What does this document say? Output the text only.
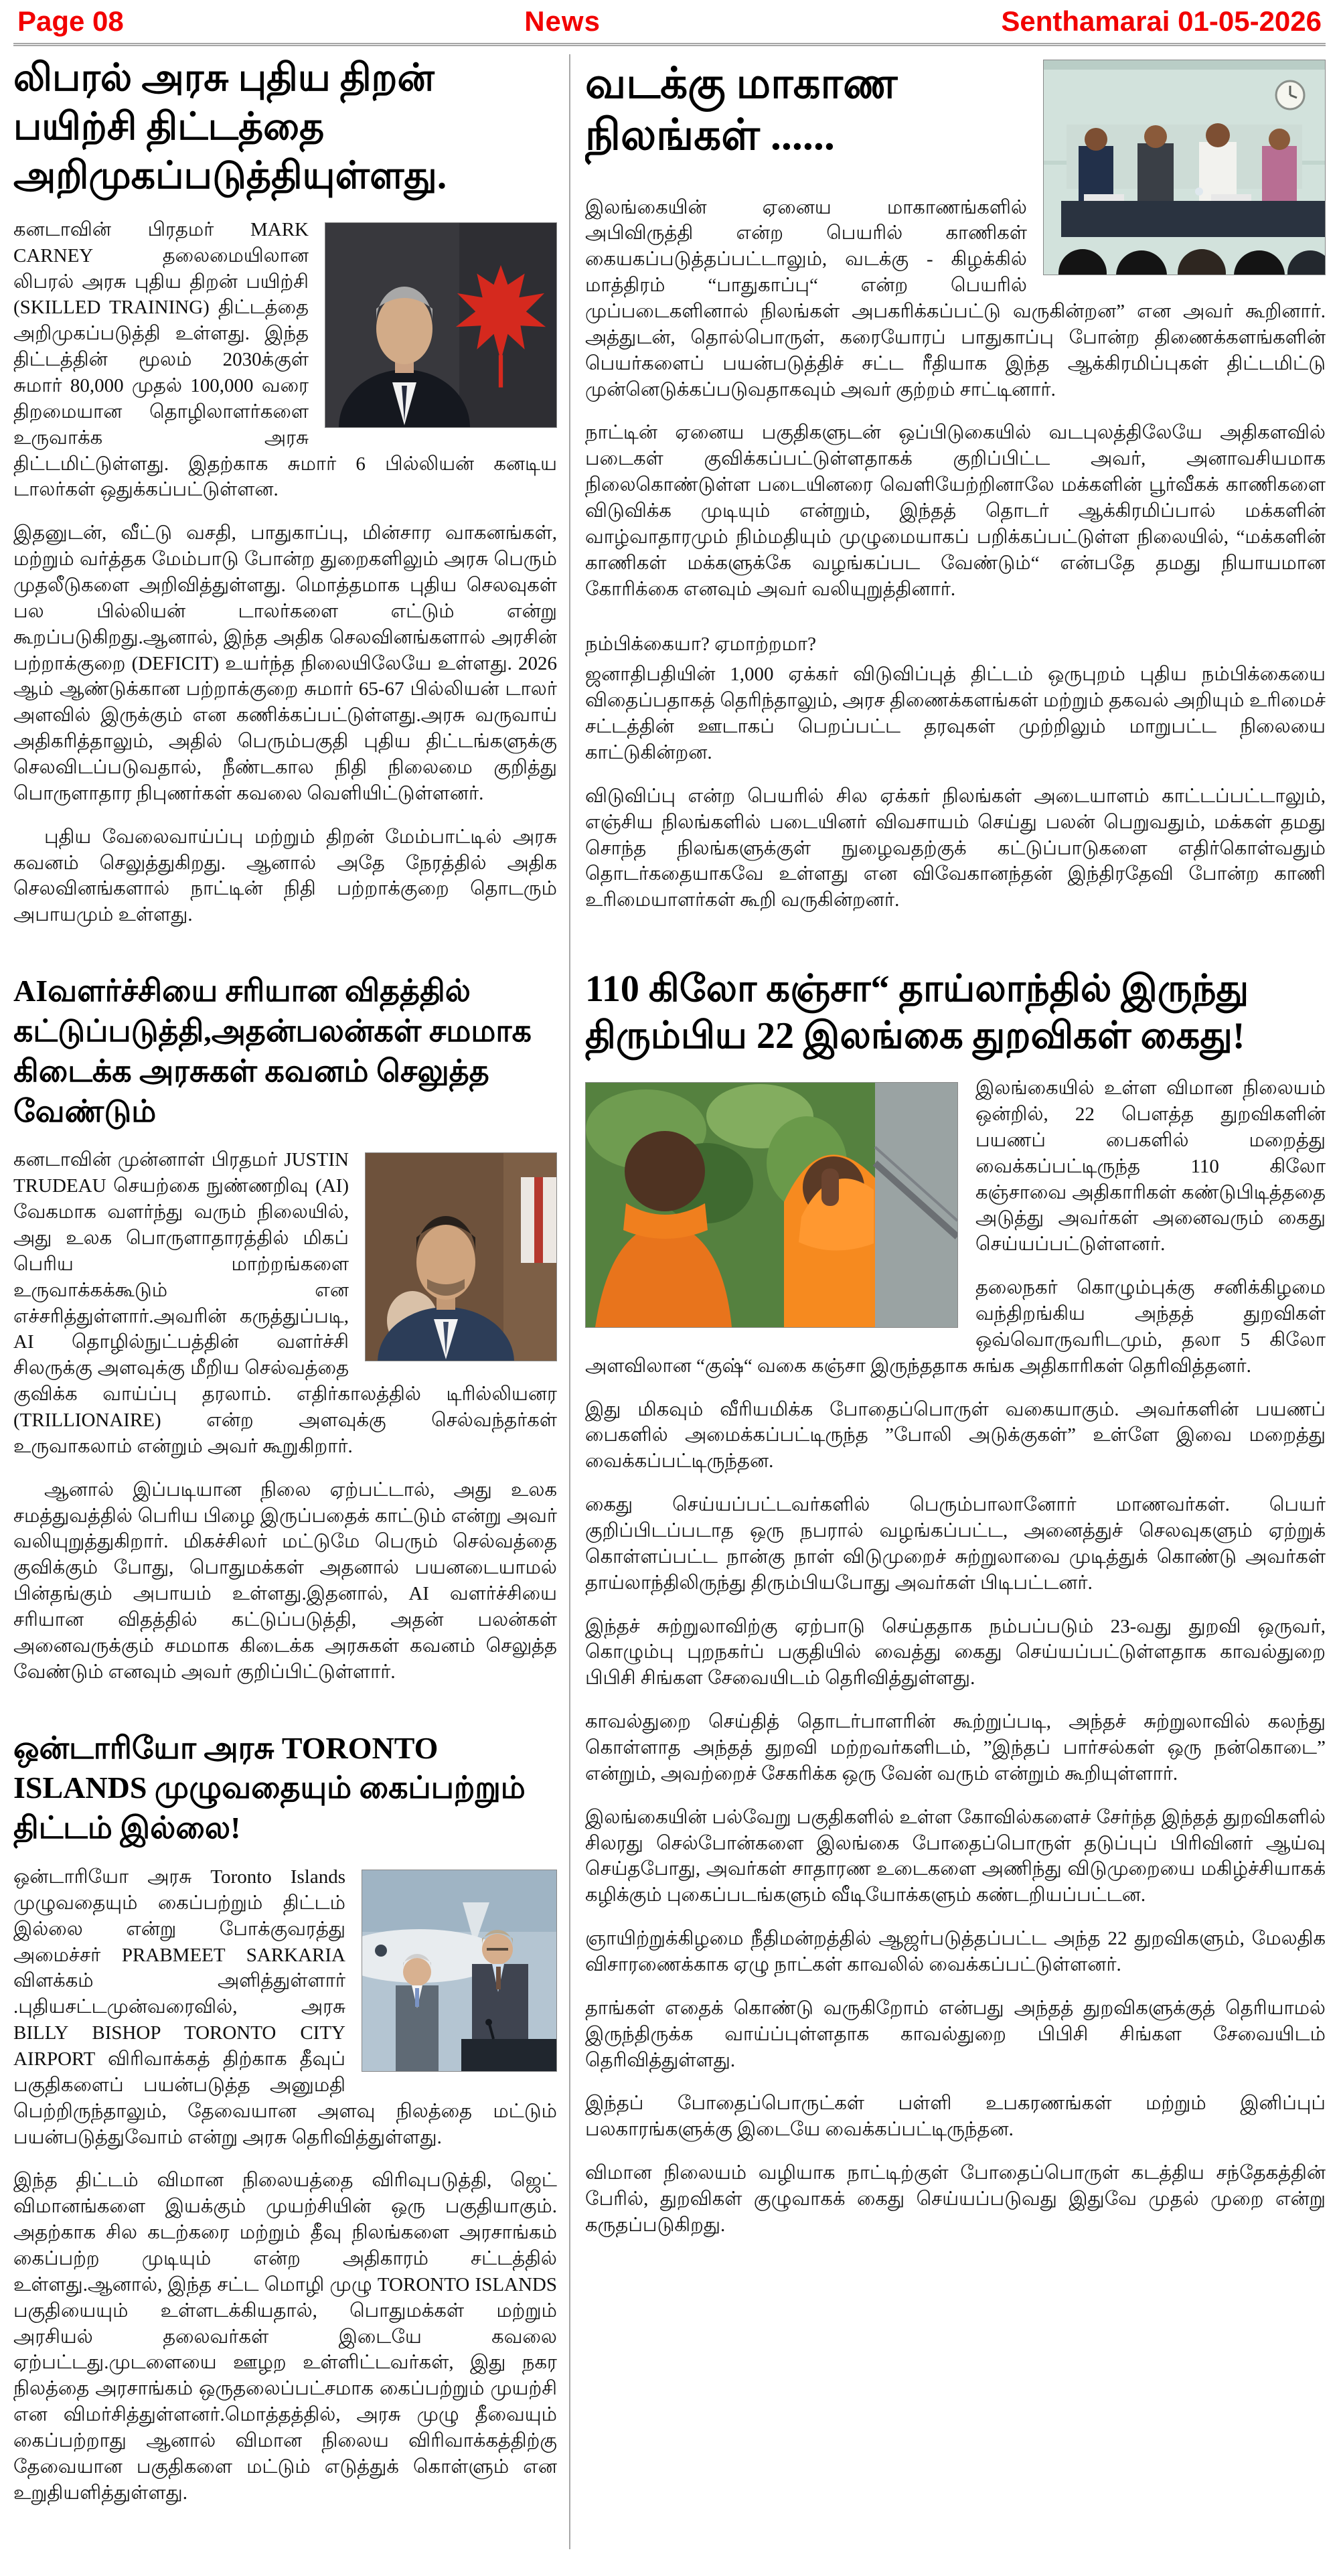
Page 08	News	Senthamarai 01-05-2026
லிபரல் அரசு புதிய திறன் பயிற்சி திட்டத்தை அறிமுகப்படுத்தியுள்ளது.

கனடாவின் பிரதமர் MARK CARNEY தலைமையிலான லிபரல் அரசு புதிய திறன் பயிற்சி (SKILLED TRAINING) திட்டத்தை அறிமுகப்படுத்தி உள்ளது. இந்த திட்டத்தின் மூலம் 2030க்குள் சுமார் 80,000 முதல் 100,000 வரை திறமையான தொழிலாளர்களை உருவாக்க அரசு திட்டமிட்டுள்ளது. இதற்காக சுமார் 6 பில்லியன் கனடிய டாலர்கள் ஒதுக்கப்பட்டுள்ளன.

இதனுடன், வீட்டு வசதி, பாதுகாப்பு, மின்சார வாகனங்கள், மற்றும் வர்த்தக மேம்பாடு போன்ற துறைகளிலும் அரசு பெரும் முதலீடுகளை அறிவித்துள்ளது. மொத்தமாக புதிய செலவுகள் பல பில்லியன் டாலர்களை எட்டும் என்று கூறப்படுகிறது.ஆனால், இந்த அதிக செலவினங்களால் அரசின் பற்றாக்குறை (DEFICIT) உயர்ந்த நிலையிலேயே உள்ளது. 2026 ஆம் ஆண்டுக்கான பற்றாக்குறை சுமார் 65-67 பில்லியன் டாலர் அளவில் இருக்கும் என கணிக்கப்பட்டுள்ளது.அரசு வருவாய் அதிகரித்தாலும், அதில் பெரும்பகுதி புதிய திட்டங்களுக்கு செலவிடப்படுவதால், நீண்டகால நிதி நிலைமை குறித்து பொருளாதார நிபுணர்கள் கவலை வெளியிட்டுள்ளனர்.

புதிய வேலைவாய்ப்பு மற்றும் திறன் மேம்பாட்டில் அரசு கவனம் செலுத்துகிறது. ஆனால் அதே நேரத்தில் அதிக செலவினங்களால் நாட்டின் நிதி பற்றாக்குறை தொடரும் அபாயமும் உள்ளது.

AIவளர்ச்சியை சரியான விதத்தில் கட்டுப்படுத்தி,அதன்பலன்கள் சமமாக கிடைக்க அரசுகள் கவனம் செலுத்த வேண்டும்

கனடாவின் முன்னாள் பிரதமர் JUSTIN TRUDEAU செயற்கை நுண்ணறிவு (AI) வேகமாக வளர்ந்து வரும் நிலையில், அது உலக பொருளாதாரத்தில் மிகப் பெரிய மாற்றங்களை உருவாக்கக்கூடும் என எச்சரித்துள்ளார்.அவரின் கருத்துப்படி, AI தொழில்நுட்பத்தின் வளர்ச்சி சிலருக்கு அளவுக்கு மீறிய செல்வத்தை குவிக்க வாய்ப்பு தரலாம். எதிர்காலத்தில் டிரில்லியனர (TRILLIONAIRE) என்ற அளவுக்கு செல்வந்தர்கள் உருவாகலாம் என்றும் அவர் கூறுகிறார்.

ஆனால் இப்படியான நிலை ஏற்பட்டால், அது உலக சமத்துவத்தில் பெரிய பிழை இருப்பதைக் காட்டும் என்று அவர் வலியுறுத்துகிறார். மிகச்சிலர் மட்டுமே பெரும் செல்வத்தை குவிக்கும் போது, பொதுமக்கள் அதனால் பயனடையாமல் பின்தங்கும் அபாயம் உள்ளது.இதனால், AI வளர்ச்சியை சரியான விதத்தில் கட்டுப்படுத்தி, அதன் பலன்கள் அனைவருக்கும் சமமாக கிடைக்க அரசுகள் கவனம் செலுத்த வேண்டும் எனவும் அவர் குறிப்பிட்டுள்ளார்.

ஒன்டாரியோ அரசு TORONTO ISLANDS முழுவதையும் கைப்பற்றும் திட்டம் இல்லை!

ஒன்டாரியோ அரசு Toronto Islands முழுவதையும் கைப்பற்றும் திட்டம் இல்லை என்று போக்குவரத்து அமைச்சர் PRABMEET SARKARIA விளக்கம் அளித்துள்ளார் .புதியசட்டமுன்வரைவில், அரசு BILLY BISHOP TORONTO CITY AIRPORT விரிவாக்கத் திற்காக தீவுப் பகுதிகளைப் பயன்படுத்த அனுமதி பெற்றிருந்தாலும், தேவையான அளவு நிலத்தை மட்டும் பயன்படுத்துவோம் என்று அரசு தெரிவித்துள்ளது.

இந்த திட்டம் விமான நிலையத்தை விரிவுபடுத்தி, ஜெட் விமானங்களை இயக்கும் முயற்சியின் ஒரு பகுதியாகும். அதற்காக சில கடற்கரை மற்றும் தீவு நிலங்களை அரசாங்கம் கைப்பற்ற முடியும் என்ற அதிகாரம் சட்டத்தில் உள்ளது.ஆனால், இந்த சட்ட மொழி முழு TORONTO ISLANDS பகுதியையும் உள்ளடக்கியதால், பொதுமக்கள் மற்றும் அரசியல் தலைவர்கள் இடையே கவலை ஏற்பட்டது.முடளையை ஊழற உள்ளிட்டவர்கள், இது நகர நிலத்தை அரசாங்கம் ஒருதலைப்பட்சமாக கைப்பற்றும் முயற்சி என விமர்சித்துள்ளனர்.மொத்தத்தில், அரசு முழு தீவையும் கைப்பற்றாது ஆனால் விமான நிலைய விரிவாக்கத்திற்கு தேவையான பகுதிகளை மட்டும் எடுத்துக் கொள்ளும் என உறுதியளித்துள்ளது.

வடக்கு மாகாண நிலங்கள் ......

இலங்கையின் ஏனைய மாகாணங்களில் அபிவிருத்தி என்ற பெயரில் காணிகள் கையகப்படுத்தப்பட்டாலும், வடக்கு - கிழக்கில் மாத்திரம் “பாதுகாப்பு“ என்ற பெயரில் முப்படைகளினால் நிலங்கள் அபகரிக்கப்பட்டு வருகின்றன” என அவர் கூறினார். அத்துடன், தொல்பொருள், கரையோரப் பாதுகாப்பு போன்ற திணைக்களங்களின் பெயர்களைப் பயன்படுத்திச் சட்ட ரீதியாக இந்த ஆக்கிரமிப்புகள் திட்டமிட்டு முன்னெடுக்கப்படுவதாகவும் அவர் குற்றம் சாட்டினார்.

நாட்டின் ஏனைய பகுதிகளுடன் ஒப்பிடுகையில் வடபுலத்திலேயே அதிகளவில் படைகள் குவிக்கப்பட்டுள்ளதாகக் குறிப்பிட்ட அவர், அனாவசியமாக நிலைகொண்டுள்ள படையினரை வெளியேற்றினாலே மக்களின் பூர்வீகக் காணிகளை விடுவிக்க முடியும் என்றும், இந்தத் தொடர் ஆக்கிரமிப்பால் மக்களின் வாழ்வாதாரமும் நிம்மதியும் முழுமையாகப் பறிக்கப்பட்டுள்ள நிலையில், “மக்களின் காணிகள் மக்களுக்கே வழங்கப்பட வேண்டும்“ என்பதே தமது நியாயமான கோரிக்கை எனவும் அவர் வலியுறுத்தினார்.

நம்பிக்கையா? ஏமாற்றமா?

ஜனாதிபதியின் 1,000 ஏக்கர் விடுவிப்புத் திட்டம் ஒருபுறம் புதிய நம்பிக்கையை விதைப்பதாகத் தெரிந்தாலும், அரச திணைக்களங்கள் மற்றும் தகவல் அறியும் உரிமைச் சட்டத்தின் ஊடாகப் பெறப்பட்ட தரவுகள் முற்றிலும் மாறுபட்ட நிலையை காட்டுகின்றன.

விடுவிப்பு என்ற பெயரில் சில ஏக்கர் நிலங்கள் அடையாளம் காட்டப்பட்டாலும், எஞ்சிய நிலங்களில் படையினர் விவசாயம் செய்து பலன் பெறுவதும், மக்கள் தமது சொந்த நிலங்களுக்குள் நுழைவதற்குக் கட்டுப்பாடுகளை எதிர்கொள்வதும் தொடர்கதையாகவே உள்ளது என விவேகானந்தன் இந்திரதேவி போன்ற காணி உரிமையாளர்கள் கூறி வருகின்றனர்.

110 கிலோ கஞ்சா“ தாய்லாந்தில் இருந்து திரும்பிய 22 இலங்கை துறவிகள் கைது!

இலங்கையில் உள்ள விமான நிலையம் ஒன்றில், 22 பௌத்த துறவிகளின் பயணப் பைகளில் மறைத்து வைக்கப்பட்டிருந்த 110 கிலோ கஞ்சாவை அதிகாரிகள் கண்டுபிடித்ததை அடுத்து அவர்கள் அனைவரும் கைது செய்யப்பட்டுள்ளனர்.

தலைநகர் கொழும்புக்கு சனிக்கிழமை வந்திறங்கிய அந்தத் துறவிகள் ஒவ்வொருவரிடமும், தலா 5 கிலோ அளவிலான “குஷ்“ வகை கஞ்சா இருந்ததாக சுங்க அதிகாரிகள் தெரிவித்தனர்.

இது மிகவும் வீரியமிக்க போதைப்பொருள் வகையாகும். அவர்களின் பயணப் பைகளில் அமைக்கப்பட்டிருந்த ”போலி அடுக்குகள்” உள்ளே இவை மறைத்து வைக்கப்பட்டிருந்தன.

கைது செய்யப்பட்டவர்களில் பெரும்பாலானோர் மாணவர்கள். பெயர் குறிப்பிடப்படாத ஒரு நபரால் வழங்கப்பட்ட, அனைத்துச் செலவுகளும் ஏற்றுக் கொள்ளப்பட்ட நான்கு நாள் விடுமுறைச் சுற்றுலாவை முடித்துக் கொண்டு அவர்கள் தாய்லாந்திலிருந்து திரும்பியபோது அவர்கள் பிடிபட்டனர்.

இந்தச் சுற்றுலாவிற்கு ஏற்பாடு செய்ததாக நம்பப்படும் 23-வது துறவி ஒருவர், கொழும்பு புறநகர்ப் பகுதியில் வைத்து கைது செய்யப்பட்டுள்ளதாக காவல்துறை பிபிசி சிங்கள சேவையிடம் தெரிவித்துள்ளது.

காவல்துறை செய்தித் தொடர்பாளரின் கூற்றுப்படி, அந்தச் சுற்றுலாவில் கலந்து கொள்ளாத அந்தத் துறவி மற்றவர்களிடம், ”இந்தப் பார்சல்கள் ஒரு நன்கொடை” என்றும், அவற்றைச் சேகரிக்க ஒரு வேன் வரும் என்றும் கூறியுள்ளார்.

இலங்கையின் பல்வேறு பகுதிகளில் உள்ள கோவில்களைச் சேர்ந்த இந்தத் துறவிகளில் சிலரது செல்போன்களை இலங்கை போதைப்பொருள் தடுப்புப் பிரிவினர் ஆய்வு செய்தபோது, அவர்கள் சாதாரண உடைகளை அணிந்து விடுமுறையை மகிழ்ச்சியாகக் கழிக்கும் புகைப்படங்களும் வீடியோக்களும் கண்டறியப்பட்டன.

ஞாயிற்றுக்கிழமை நீதிமன்றத்தில் ஆஜர்படுத்தப்பட்ட அந்த 22 துறவிகளும், மேலதிக விசாரணைக்காக ஏழு நாட்கள் காவலில் வைக்கப்பட்டுள்ளனர்.

தாங்கள் எதைக் கொண்டு வருகிறோம் என்பது அந்தத் துறவிகளுக்குத் தெரியாமல் இருந்திருக்க வாய்ப்புள்ளதாக காவல்துறை பிபிசி சிங்கள சேவையிடம் தெரிவித்துள்ளது.

இந்தப் போதைப்பொருட்கள் பள்ளி உபகரணங்கள் மற்றும் இனிப்புப் பலகாரங்களுக்கு இடையே வைக்கப்பட்டிருந்தன.

விமான நிலையம் வழியாக நாட்டிற்குள் போதைப்பொருள் கடத்திய சந்தேகத்தின் பேரில், துறவிகள் குழுவாகக் கைது செய்யப்படுவது இதுவே முதல் முறை என்று கருதப்படுகிறது.
